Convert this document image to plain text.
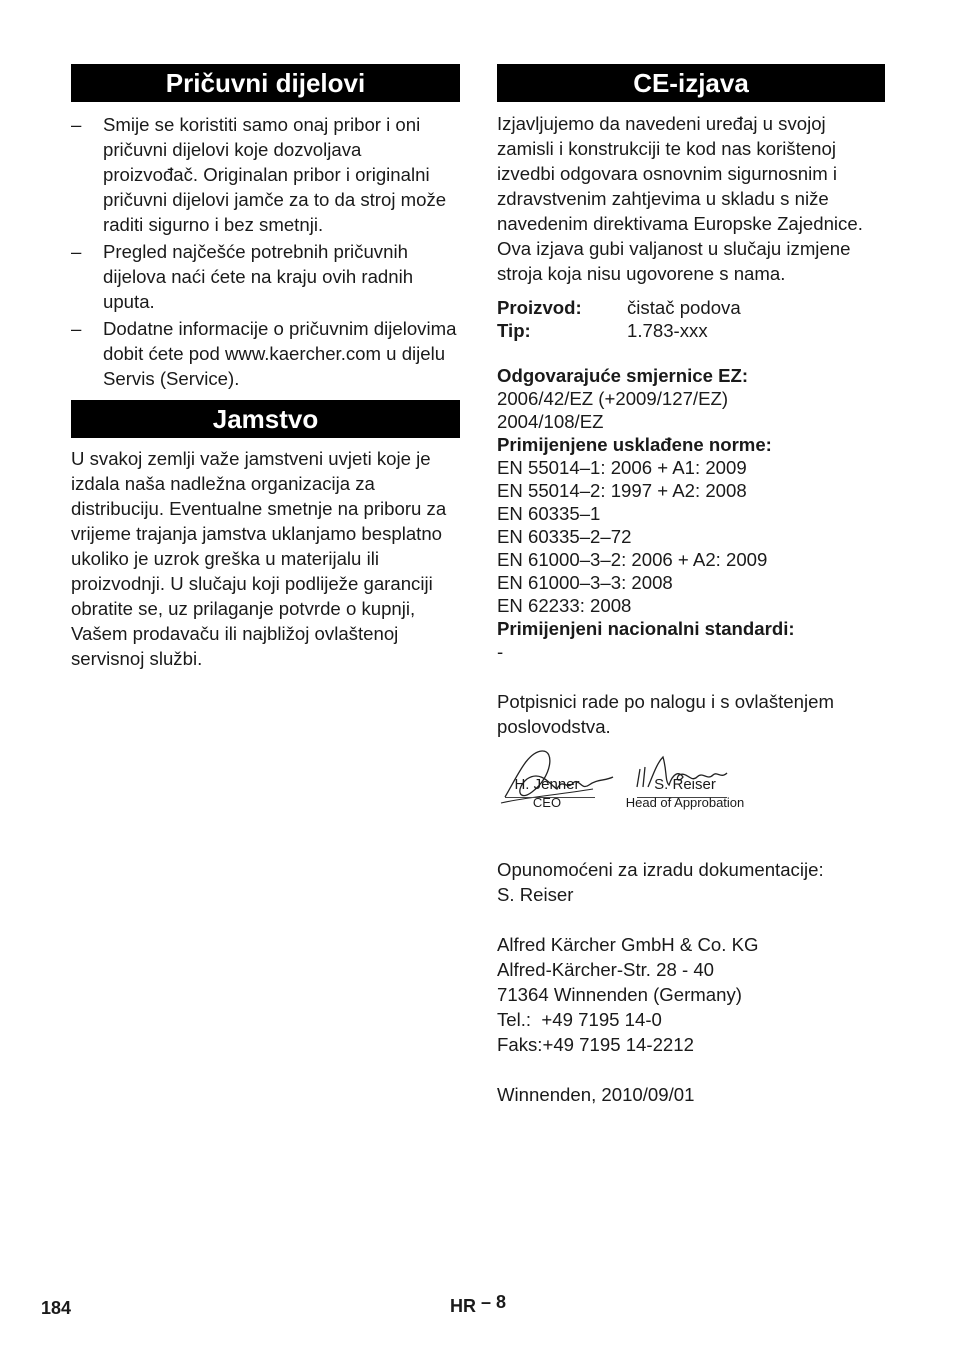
Pričuvni dijelovi
– Smije se koristiti samo onaj pribor i oni pričuvni dijelovi koje dozvoljava proizvođač. Originalan pribor i originalni pričuvni dijelovi jamče za to da stroj može raditi sigurno i bez smetnji.
– Pregled najčešće potrebnih pričuvnih dijelova naći ćete na kraju ovih radnih uputa.
– Dodatne informacije o pričuvnim dijelovima dobit ćete pod www.kaercher.com u dijelu Servis (Service).
Jamstvo

U svakoj zemlji važe jamstveni uvjeti koje je izdala naša nadležna organizacija za distribuciju. Eventualne smetnje na priboru za vrijeme trajanja jamstva uklanjamo besplatno ukoliko je uzrok greška u materijalu ili proizvodnji. U slučaju koji podliježe garanciji obratite se, uz prilaganje potvrde o kupnji, Vašem prodavaču ili najbližoj ovlaštenoj servisnoj službi.

CE-izjava

Izjavljujemo da navedeni uređaj u svojoj zamisli i konstrukciji te kod nas korištenoj izvedbi odgovara osnovnim sigurnosnim i zdravstvenim zahtjevima u skladu s niže navedenim direktivama Europske Zajednice. Ova izjava gubi valjanost u slučaju izmjene stroja koja nisu ugovorene s nama.

Proizvod:	čistač podova
Tip:	1.783-xxx
Odgovarajuće smjernice EZ:
2006/42/EZ (+2009/127/EZ)
2004/108/EZ
Primijenjene usklađene norme:
EN 55014–1: 2006 + A1: 2009
EN 55014–2: 1997 + A2: 2008
EN 60335–1
EN 60335–2–72
EN 61000–3–2: 2006 + A2: 2009
EN 61000–3–3: 2008
EN 62233: 2008
Primijenjeni nacionalni standardi:
-

Potpisnici rade po nalogu i s ovlaštenjem poslovodstva.

H. Jenner
CEO
S. Reiser
Head of Approbation

Opunomoćeni za izradu dokumentacije:

S. Reiser

Alfred Kärcher GmbH & Co. KG

Alfred-Kärcher-Str. 28 - 40

71364 Winnenden (Germany)

Tel.:  +49 7195 14-0

Faks:+49 7195 14-2212

Winnenden, 2010/09/01

184	HR – 8
